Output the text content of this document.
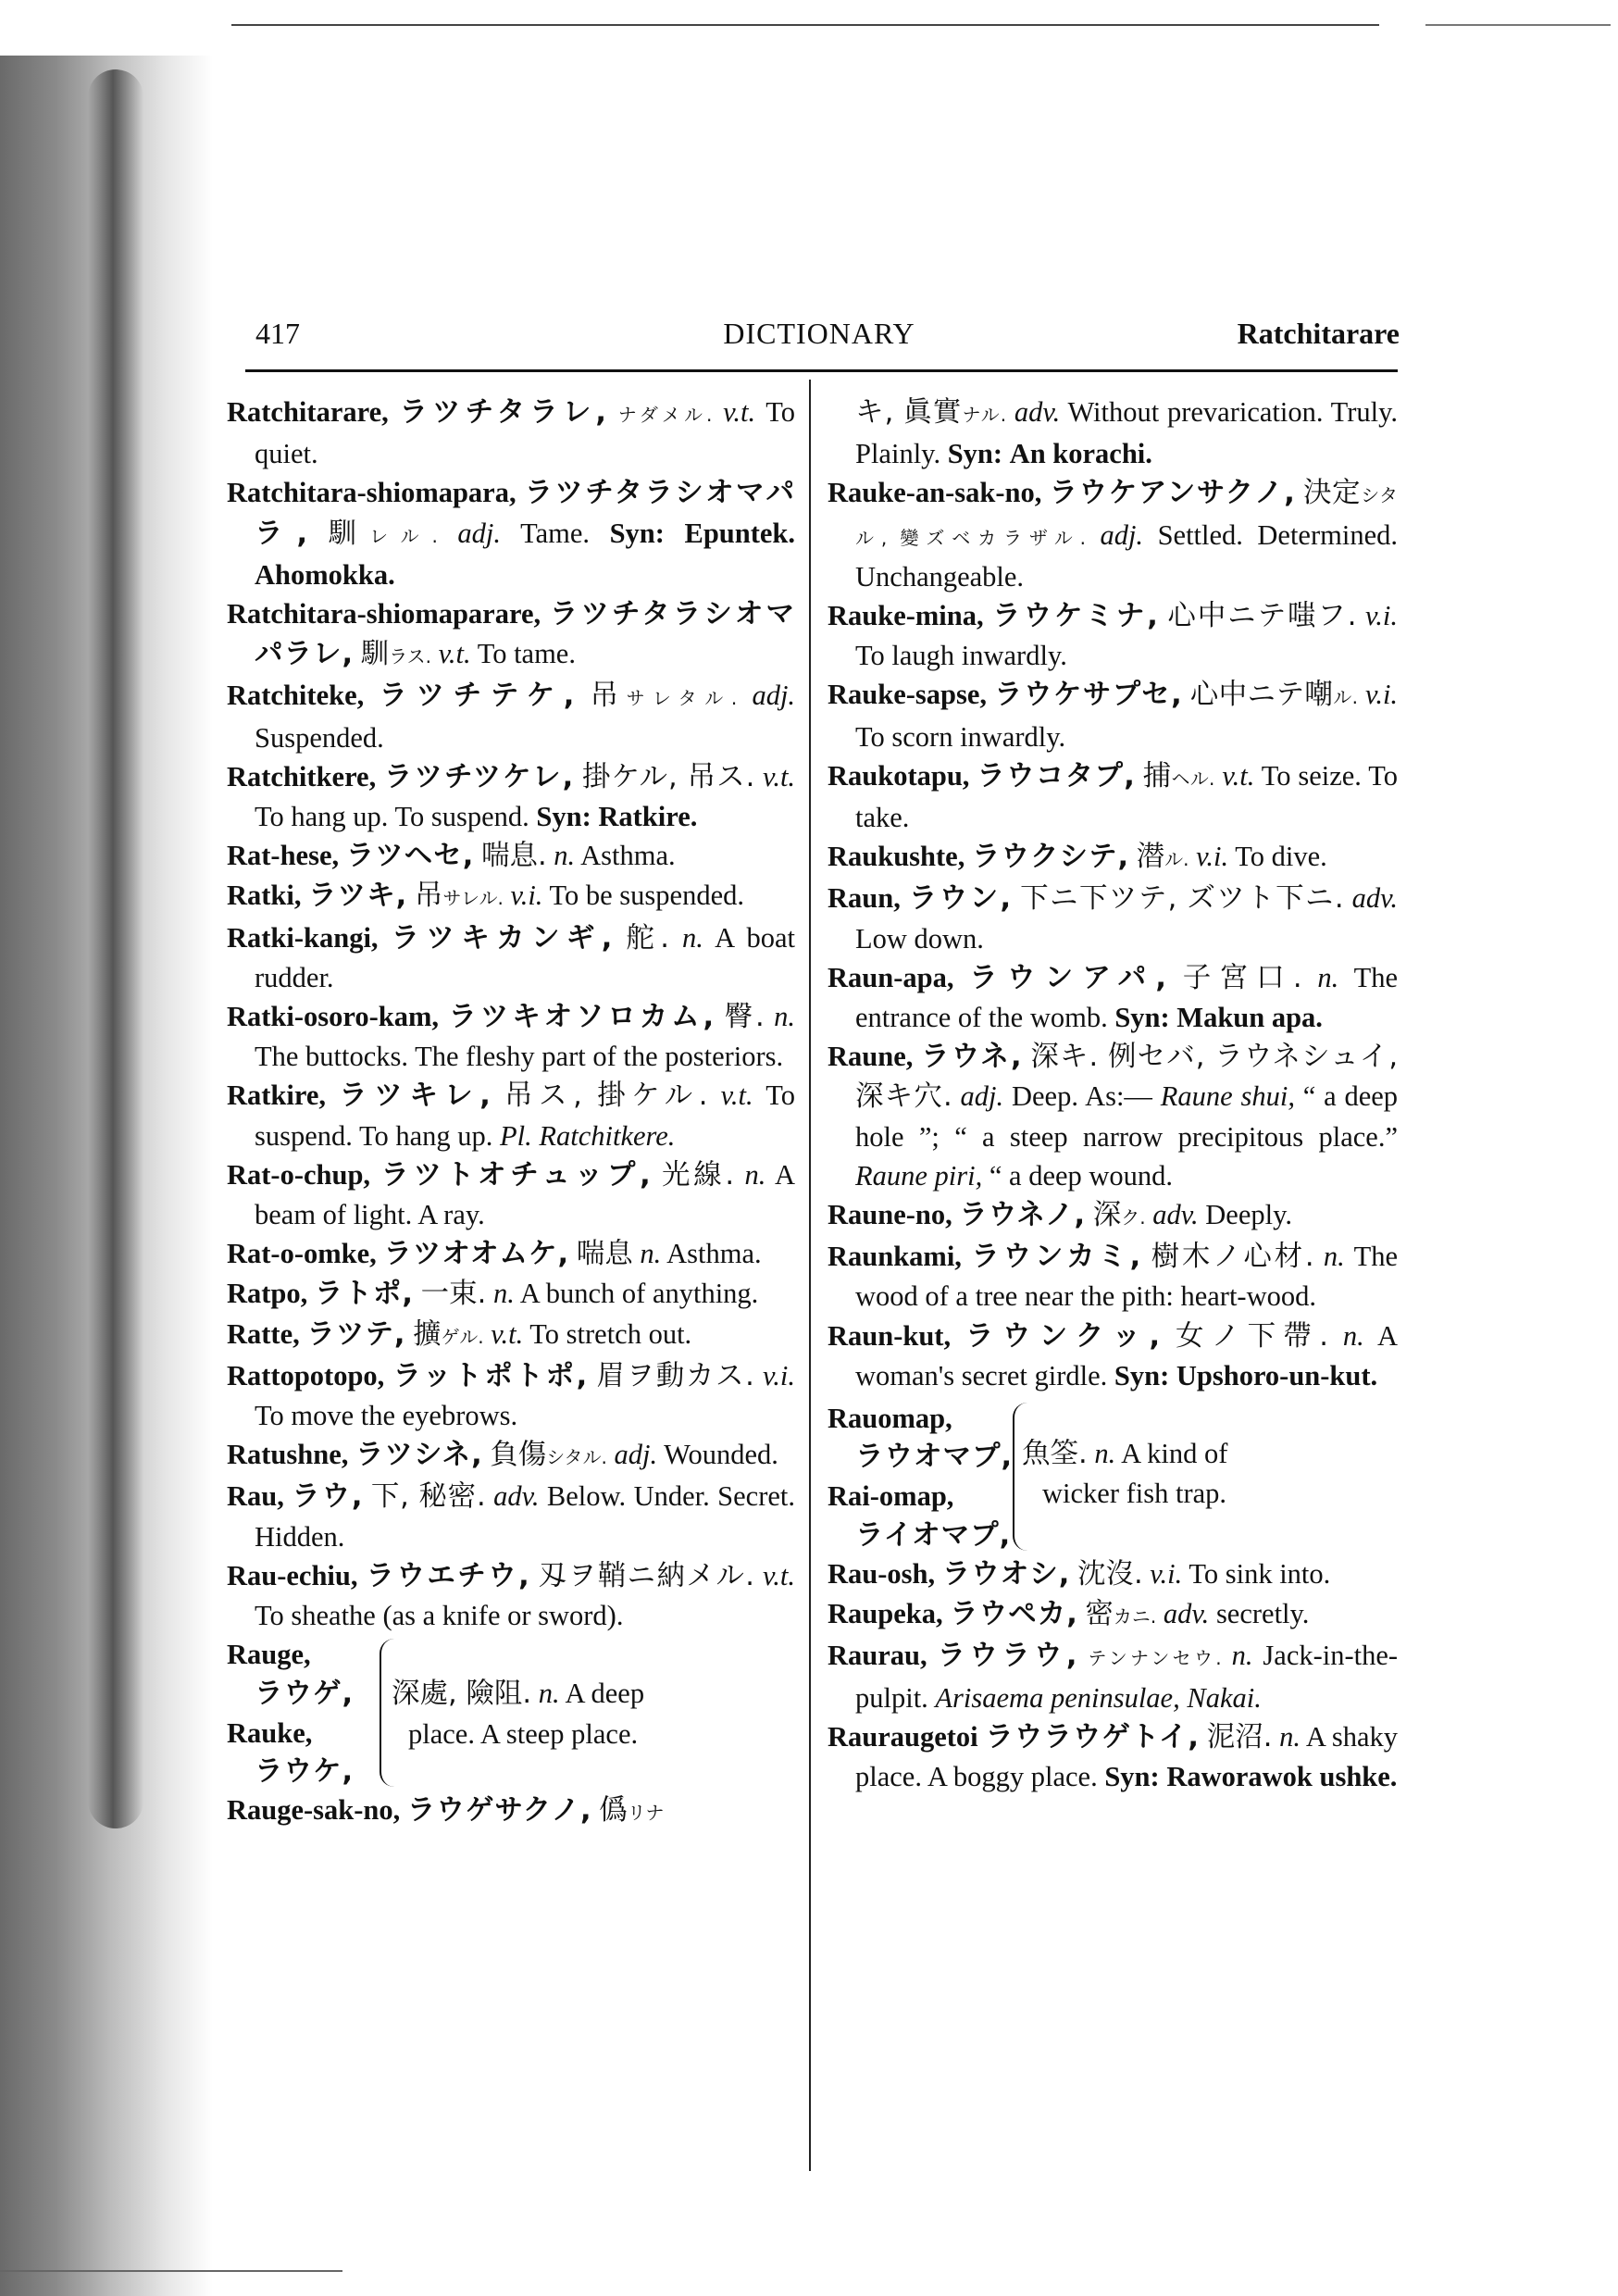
417	DICTIONARY	Ratchitarare
Ratchitarare, ラツチタラレ, ナダメル. v.t. To quiet.
Ratchitara-shiomapara, ラツチタラシオマパラ, 馴レル. adj. Tame. Syn: Epuntek. Ahomokka.
Ratchitara-shiomaparare, ラツチタラシオマパラレ, 馴ラス. v.t. To tame.
Ratchiteke, ラツチテケ, 吊サレタル. adj. Suspended.
Ratchitkere, ラツチツケレ, 掛ケル, 吊ス. v.t. To hang up. To suspend. Syn: Ratkire.
Rat-hese, ラツヘセ, 喘息. n. Asthma.
Ratki, ラツキ, 吊サレル. v.i. To be suspended.
Ratki-kangi, ラツキカンギ, 舵. n. A boat rudder.
Ratki-osoro-kam, ラツキオソロカム, 臀. n. The buttocks. The fleshy part of the posteriors.
Ratkire, ラツキレ, 吊ス, 掛ケル. v.t. To suspend. To hang up. Pl. Ratchitkere.
Rat-o-chup, ラツトオチュップ, 光線. n. A beam of light. A ray.
Rat-o-omke, ラツオオムケ, 喘息 n. Asthma.
Ratpo, ラトポ, 一束. n. A bunch of anything.
Ratte, ラツテ, 擴ゲル. v.t. To stretch out.
Rattopotopo, ラットポトポ, 眉ヲ動カス. v.i. To move the eyebrows.
Ratushne, ラツシネ, 負傷シタル. adj. Wounded.
Rau, ラウ, 下, 秘密. adv. Below. Under. Secret. Hidden.
Rau-echiu, ラウエチウ, 刄ヲ鞘ニ納メル. v.t. To sheathe (as a knife or sword).
Rauge,
ラウゲ,
Rauke,
ラウケ,
深處, 險阻. n. A deep
place. A steep place.
Rauge-sak-no, ラウゲサクノ, 僞リナ
キ, 眞實ナル. adv. Without prevarication. Truly. Plainly. Syn: An korachi.
Rauke-an-sak-no, ラウケアンサクノ, 決定シタル, 變ズベカラザル. adj. Settled. Determined. Unchangeable.
Rauke-mina, ラウケミナ, 心中ニテ嗤フ. v.i. To laugh inwardly.
Rauke-sapse, ラウケサプセ, 心中ニテ嘲ル. v.i. To scorn inwardly.
Raukotapu, ラウコタプ, 捕ヘル. v.t. To seize. To take.
Raukushte, ラウクシテ, 潜ル. v.i. To dive.
Raun, ラウン, 下ニ下ツテ, ズツト下ニ. adv. Low down.
Raun-apa, ラウンアパ, 子宮口. n. The entrance of the womb. Syn: Makun apa.
Raune, ラウネ, 深キ. 例セバ, ラウネシュイ, 深キ穴. adj. Deep. As:— Raune shui, “ a deep hole ”; “ a steep narrow precipitous place.” Raune piri, “ a deep wound.
Raune-no, ラウネノ, 深ク. adv. Deeply.
Raunkami, ラウンカミ, 樹木ノ心材. n. The wood of a tree near the pith: heart-wood.
Raun-kut, ラウンクッ, 女ノ下帶. n. A woman's secret girdle. Syn: Upshoro-un-kut.
Rauomap,
ラウオマプ,
Rai-omap,
ライオマプ,
魚筌. n. A kind of
wicker fish trap.
Rau-osh, ラウオシ, 沈沒. v.i. To sink into.
Raupeka, ラウペカ, 密カニ. adv. secretly.
Raurau, ラウラウ, テンナンセウ. n. Jack-in-the-pulpit. Arisaema peninsulae, Nakai.
Rauraugetoi ラウラウゲトイ, 泥沼. n. A shaky place. A boggy place. Syn: Raworawok ushke.
